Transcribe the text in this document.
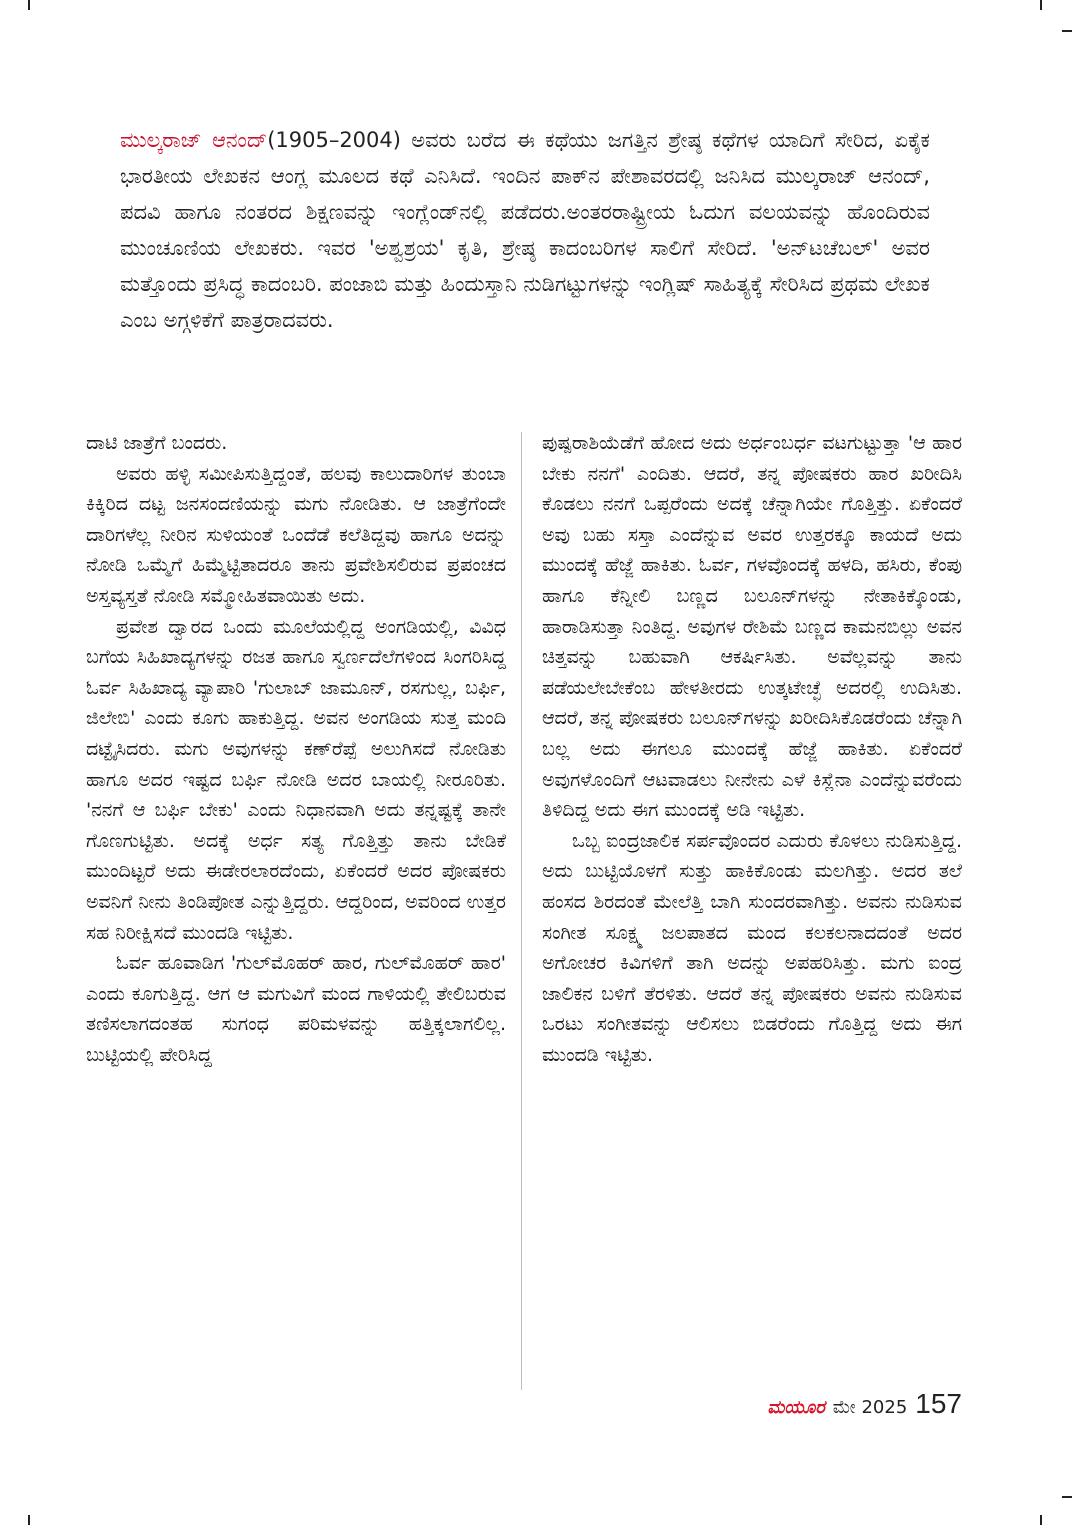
ಮುಲ್ಕರಾಜ್ ಆನಂದ್(1905–2004) ಅವರು ಬರೆದ ಈ ಕಥೆಯು ಜಗತ್ತಿನ ಶ್ರೇಷ್ಠ ಕಥೆಗಳ ಯಾದಿಗೆ ಸೇರಿದ, ಏಕೈಕ ಭಾರತೀಯ ಲೇಖಕನ ಆಂಗ್ಲ ಮೂಲದ ಕಥೆ ಎನಿಸಿದೆ. ಇಂದಿನ ಪಾಕ್‌ನ ಪೇಶಾವರದಲ್ಲಿ ಜನಿಸಿದ ಮುಲ್ಕರಾಜ್ ಆನಂದ್, ಪದವಿ ಹಾಗೂ ನಂತರದ ಶಿಕ್ಷಣವನ್ನು ಇಂಗ್ಲೆಂಡ್‌ನಲ್ಲಿ ಪಡೆದರು.ಅಂತರರಾಷ್ಟ್ರೀಯ ಓದುಗ ವಲಯವನ್ನು ಹೊಂದಿರುವ ಮುಂಚೂಣಿಯ ಲೇಖಕರು. ಇವರ 'ಅಶ್ವಶ್ರಯ' ಕೃತಿ, ಶ್ರೇಷ್ಠ ಕಾದಂಬರಿಗಳ ಸಾಲಿಗೆ ಸೇರಿದೆ. 'ಅನ್‌ಟಚೆಬಲ್' ಅವರ ಮತ್ತೊಂದು ಪ್ರಸಿದ್ಧ ಕಾದಂಬರಿ. ಪಂಜಾಬಿ ಮತ್ತು ಹಿಂದುಸ್ತಾನಿ ನುಡಿಗಟ್ಟುಗಳನ್ನು ಇಂಗ್ಲಿಷ್ ಸಾಹಿತ್ಯಕ್ಕೆ ಸೇರಿಸಿದ ಪ್ರಥಮ ಲೇಖಕ ಎಂಬ ಅಗ್ಗಳಿಕೆಗೆ ಪಾತ್ರರಾದವರು.

ದಾಟಿ ಜಾತ್ರೆಗೆ ಬಂದರು.

ಅವರು ಹಳ್ಳಿ ಸಮೀಪಿಸುತ್ತಿದ್ದಂತೆ, ಹಲವು ಕಾಲುದಾರಿಗಳ ತುಂಬಾ ಕಿಕ್ಕಿರಿದ ದಟ್ಟ ಜನಸಂದಣಿಯನ್ನು ಮಗು ನೋಡಿತು. ಆ ಜಾತ್ರೆಗೆಂದೇ ದಾರಿಗಳೆಲ್ಲ ನೀರಿನ ಸುಳಿಯಂತೆ ಒಂದೆಡೆ ಕಲೆತಿದ್ದವು ಹಾಗೂ ಅದನ್ನು ನೋಡಿ ಒಮ್ಮೆಗೆ ಹಿಮ್ಮೆಟ್ಟಿತಾದರೂ ತಾನು ಪ್ರವೇಶಿಸಲಿರುವ ಪ್ರಪಂಚದ ಅಸ್ತವ್ಯಸ್ತತೆ ನೋಡಿ ಸಮ್ಮೋಹಿತವಾಯಿತು ಅದು.

ಪ್ರವೇಶ ದ್ವಾರದ ಒಂದು ಮೂಲೆಯಲ್ಲಿದ್ದ ಅಂಗಡಿಯಲ್ಲಿ, ವಿವಿಧ ಬಗೆಯ ಸಿಹಿಖಾದ್ಯಗಳನ್ನು ರಜತ ಹಾಗೂ ಸ್ವರ್ಣದೆಲೆಗಳಿಂದ ಸಿಂಗರಿಸಿದ್ದ ಓರ್ವ ಸಿಹಿಖಾದ್ಯ ವ್ಯಾಪಾರಿ 'ಗುಲಾಬ್ ಜಾಮೂನ್, ರಸಗುಲ್ಲ, ಬರ್ಫಿ, ಜಿಲೇಬಿ' ಎಂದು ಕೂಗು ಹಾಕುತ್ತಿದ್ದ. ಅವನ ಅಂಗಡಿಯ ಸುತ್ತ ಮಂದಿ ದಟ್ಟೈಸಿದರು. ಮಗು ಅವುಗಳನ್ನು ಕಣ್‌ರೆಪ್ಪೆ ಅಲುಗಿಸದೆ ನೋಡಿತು ಹಾಗೂ ಅದರ ಇಷ್ಟದ ಬರ್ಫಿ ನೋಡಿ ಅದರ ಬಾಯಲ್ಲಿ ನೀರೂರಿತು. 'ನನಗೆ ಆ ಬರ್ಫಿ ಬೇಕು' ಎಂದು ನಿಧಾನವಾಗಿ ಅದು ತನ್ನಷ್ಟಕ್ಕೆ ತಾನೇ ಗೊಣಗುಟ್ಟಿತು. ಅದಕ್ಕೆ ಅರ್ಧ ಸತ್ಯ ಗೊತ್ತಿತ್ತು ತಾನು ಬೇಡಿಕೆ ಮುಂದಿಟ್ಟರೆ ಅದು ಈಡೇರಲಾರದೆಂದು, ಏಕೆಂದರೆ ಅದರ ಪೋಷಕರು ಅವನಿಗೆ ನೀನು ತಿಂಡಿಪೋತ ಎನ್ನುತ್ತಿದ್ದರು. ಆದ್ದರಿಂದ, ಅವರಿಂದ ಉತ್ತರ ಸಹ ನಿರೀಕ್ಷಿಸದೆ ಮುಂದಡಿ ಇಟ್ಟಿತು.

ಓರ್ವ ಹೂವಾಡಿಗ 'ಗುಲ್‌ಮೊಹರ್ ಹಾರ, ಗುಲ್‌ಮೊಹರ್ ಹಾರ' ಎಂದು ಕೂಗುತ್ತಿದ್ದ. ಆಗ ಆ ಮಗುವಿಗೆ ಮಂದ ಗಾಳಿಯಲ್ಲಿ ತೇಲಿಬರುವ ತಣಿಸಲಾಗದಂತಹ ಸುಗಂಧ ಪರಿಮಳವನ್ನು ಹತ್ತಿಕ್ಕಲಾಗಲಿಲ್ಲ. ಬುಟ್ಟಿಯಲ್ಲಿ ಪೇರಿಸಿದ್ದ

ಪುಷ್ಪರಾಶಿಯೆಡೆಗೆ ಹೋದ ಅದು ಅರ್ಧಂಬರ್ಧ ವಟಗುಟ್ಟುತ್ತಾ 'ಆ ಹಾರ ಬೇಕು ನನಗೆ' ಎಂದಿತು. ಆದರೆ, ತನ್ನ ಪೋಷಕರು ಹಾರ ಖರೀದಿಸಿ ಕೊಡಲು ನನಗೆ ಒಪ್ಪರೆಂದು ಅದಕ್ಕೆ ಚೆನ್ನಾಗಿಯೇ ಗೊತ್ತಿತ್ತು. ಏಕೆಂದರೆ ಅವು ಬಹು ಸಸ್ತಾ ಎಂದೆನ್ನುವ ಅವರ ಉತ್ತರಕ್ಕೂ ಕಾಯದೆ ಅದು ಮುಂದಕ್ಕೆ ಹೆಜ್ಜೆ ಹಾಕಿತು. ಓರ್ವ, ಗಳವೊಂದಕ್ಕೆ ಹಳದಿ, ಹಸಿರು, ಕೆಂಪು ಹಾಗೂ ಕೆನ್ನೀಲಿ ಬಣ್ಣದ ಬಲೂನ್‌ಗಳನ್ನು ನೇತಾಕಿಕ್ಕೊಂಡು, ಹಾರಾಡಿಸುತ್ತಾ ನಿಂತಿದ್ದ. ಅವುಗಳ ರೇಶಿಮೆ ಬಣ್ಣದ ಕಾಮನಬಿಲ್ಲು ಅವನ ಚಿತ್ತವನ್ನು ಬಹುವಾಗಿ ಆಕರ್ಷಿಸಿತು. ಅವೆಲ್ಲವನ್ನು ತಾನು ಪಡೆಯಲೇಬೇಕೆಂಬ ಹೇಳತೀರದು ಉತ್ಕಟೇಚ್ಛೆ ಅದರಲ್ಲಿ ಉದಿಸಿತು. ಆದರೆ, ತನ್ನ ಪೋಷಕರು ಬಲೂನ್‌ಗಳನ್ನು ಖರೀದಿಸಿಕೊಡರೆಂದು ಚೆನ್ನಾಗಿ ಬಲ್ಲ ಅದು ಈಗಲೂ ಮುಂದಕ್ಕೆ ಹೆಜ್ಜೆ ಹಾಕಿತು. ಏಕೆಂದರೆ ಅವುಗಳೊಂದಿಗೆ ಆಟವಾಡಲು ನೀನೇನು ಎಳೆ ಕಿಸ್ಲೆನಾ ಎಂದೆನ್ನುವರೆಂದು ತಿಳಿದಿದ್ದ ಅದು ಈಗ ಮುಂದಕ್ಕೆ ಅಡಿ ಇಟ್ಟಿತು.

ಒಬ್ಬ ಐಂದ್ರಜಾಲಿಕ ಸರ್ಪವೊಂದರ ಎದುರು ಕೊಳಲು ನುಡಿಸುತ್ತಿದ್ದ. ಅದು ಬುಟ್ಟಿಯೊಳಗೆ ಸುತ್ತು ಹಾಕಿಕೊಂಡು ಮಲಗಿತ್ತು. ಅದರ ತಲೆ ಹಂಸದ ಶಿರದಂತೆ ಮೇಲೆತ್ತಿ ಬಾಗಿ ಸುಂದರವಾಗಿತ್ತು. ಅವನು ನುಡಿಸುವ ಸಂಗೀತ ಸೂಕ್ಷ್ಮ ಜಲಪಾತದ ಮಂದ ಕಲಕಲನಾದದಂತೆ ಅದರ ಅಗೋಚರ ಕಿವಿಗಳಿಗೆ ತಾಗಿ ಅದನ್ನು ಅಪಹರಿಸಿತ್ತು. ಮಗು ಐಂದ್ರ ಜಾಲಿಕನ ಬಳಿಗೆ ತೆರಳಿತು. ಆದರೆ ತನ್ನ ಪೋಷಕರು ಅವನು ನುಡಿಸುವ ಒರಟು ಸಂಗೀತವನ್ನು ಆಲಿಸಲು ಬಿಡರೆಂದು ಗೊತ್ತಿದ್ದ ಅದು ಈಗ ಮುಂದಡಿ ಇಟ್ಟಿತು.

ಮಯೂರ ಮೇ 2025 157
